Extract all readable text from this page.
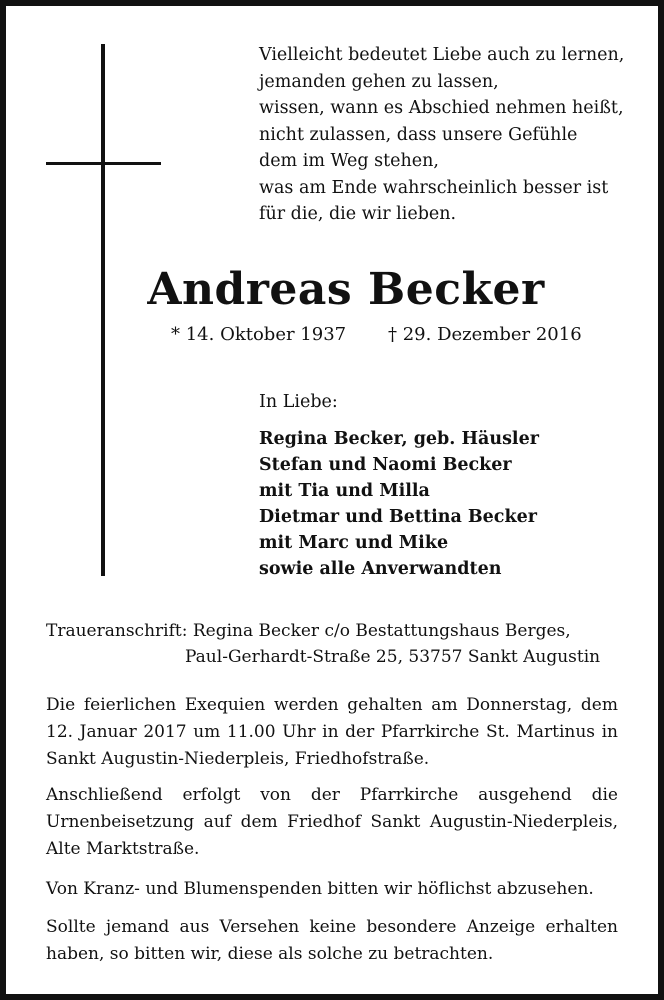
Vielleicht bedeutet Liebe auch zu lernen,
jemanden gehen zu lassen,
wissen, wann es Abschied nehmen heißt,
nicht zulassen, dass unsere Gefühle
dem im Weg stehen,
was am Ende wahrscheinlich besser ist
für die, die wir lieben.
Andreas Becker
* 14. Oktober 1937 † 29. Dezember 2016
In Liebe:
Regina Becker, geb. Häusler
Stefan und Naomi Becker
mit Tia und Milla
Dietmar und Bettina Becker
mit Marc und Mike
sowie alle Anverwandten
Traueranschrift: Regina Becker c/o Bestattungshaus Berges,
Paul-Gerhardt-Straße 25, 53757 Sankt Augustin
Die feierlichen Exequien werden gehalten am Donnerstag, dem 12. Januar 2017 um 11.00 Uhr in der Pfarrkirche St. Martinus in Sankt Augustin-Niederpleis, Friedhofstraße.
Anschließend erfolgt von der Pfarrkirche ausgehend die Urnenbeisetzung auf dem Friedhof Sankt Augustin-Niederpleis, Alte Marktstraße.
Von Kranz- und Blumenspenden bitten wir höflichst abzusehen.
Sollte jemand aus Versehen keine besondere Anzeige erhalten haben, so bitten wir, diese als solche zu betrachten.
